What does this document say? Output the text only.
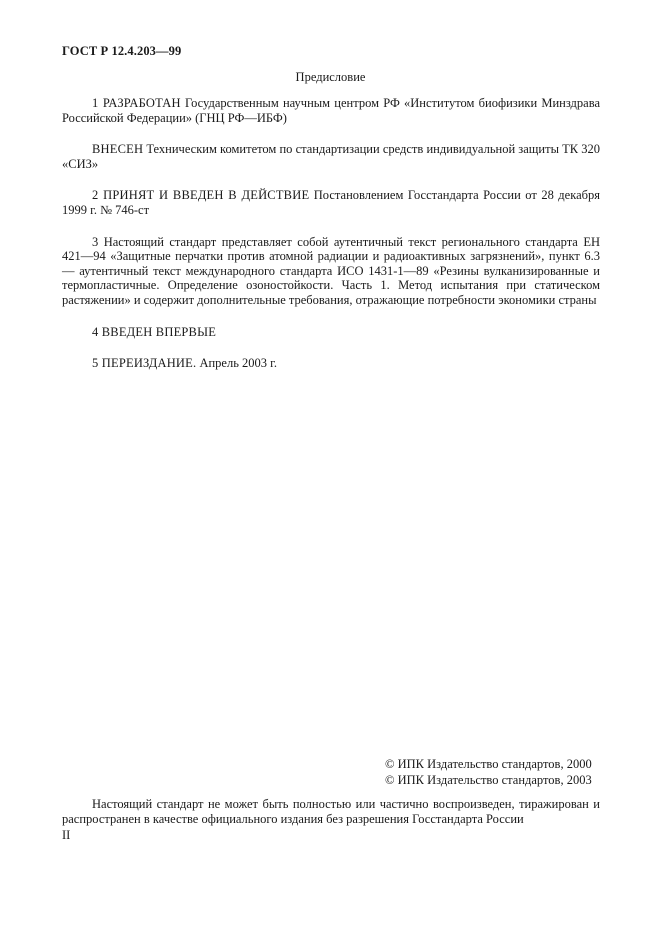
ГОСТ Р 12.4.203—99
Предисловие

1 РАЗРАБОТАН Государственным научным центром РФ «Институтом биофизики Минздрава Российской Федерации» (ГНЦ РФ—ИБФ)

ВНЕСЕН Техническим комитетом по стандартизации средств индивидуальной защиты ТК 320 «СИЗ»

2 ПРИНЯТ И ВВЕДЕН В ДЕЙСТВИЕ Постановлением Госстандарта России от 28 декабря 1999 г. № 746-ст

3 Настоящий стандарт представляет собой аутентичный текст регионального стандарта ЕН 421—94 «Защитные перчатки против атомной радиации и радиоактивных загрязнений», пункт 6.3 — аутентичный текст международного стандарта ИСО 1431-1—89 «Резины вулканизированные и термопластичные. Определение озоностойкости. Часть 1. Метод испытания при статическом растяжении» и содержит дополнительные требования, отражающие потребности экономики страны

4 ВВЕДЕН ВПЕРВЫЕ

5 ПЕРЕИЗДАНИЕ. Апрель 2003 г.

© ИПК Издательство стандартов, 2000
© ИПК Издательство стандартов, 2003
Настоящий стандарт не может быть полностью или частично воспроизведен, тиражирован и распространен в качестве официального издания без разрешения Госстандарта России
II
